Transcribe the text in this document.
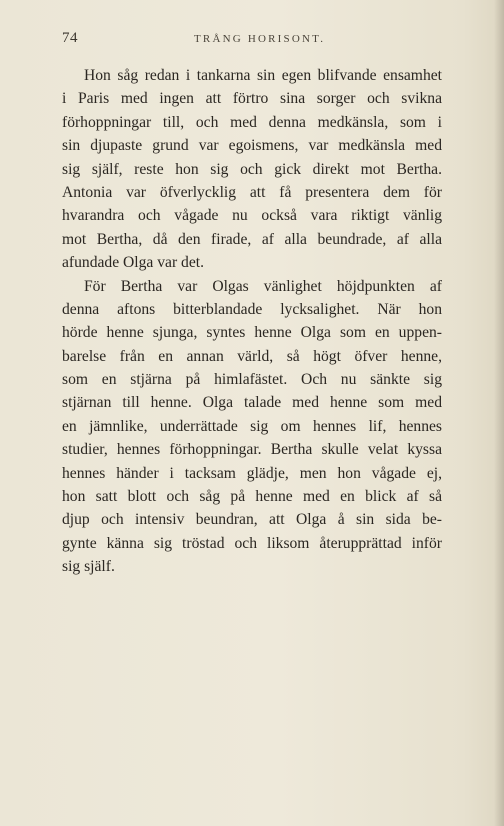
74	TRÅNG HORISONT.
Hon såg redan i tankarna sin egen blifvande ensamhet
i Paris med ingen att förtro sina sorger och svikna
förhoppningar till, och med denna medkänsla, som i
sin djupaste grund var egoismens, var medkänsla med
sig själf, reste hon sig och gick direkt mot Bertha.
Antonia var öfverlycklig att få presentera dem för
hvarandra och vågade nu också vara riktigt vänlig
mot Bertha, då den firade, af alla beundrade, af alla
afundade Olga var det.
För Bertha var Olgas vänlighet höjdpunkten af
denna aftons bitterblandade lycksalighet. När hon
hörde henne sjunga, syntes henne Olga som en uppen-
barelse från en annan värld, så högt öfver henne,
som en stjärna på himlafästet. Och nu sänkte sig
stjärnan till henne. Olga talade med henne som med
en jämnlike, underrättade sig om hennes lif, hennes
studier, hennes förhoppningar. Bertha skulle velat kyssa
hennes händer i tacksam glädje, men hon vågade ej,
hon satt blott och såg på henne med en blick af så
djup och intensiv beundran, att Olga å sin sida be-
gynte känna sig tröstad och liksom återupprättad inför
sig själf.
